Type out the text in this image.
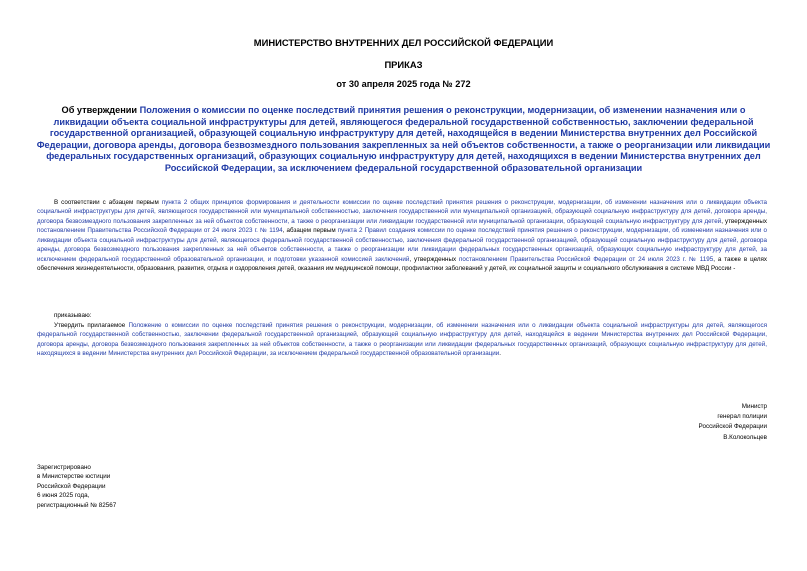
МИНИСТЕРСТВО ВНУТРЕННИХ ДЕЛ РОССИЙСКОЙ ФЕДЕРАЦИИ
ПРИКАЗ
от 30 апреля 2025 года № 272
Об утверждении Положения о комиссии по оценке последствий принятия решения о реконструкции, модернизации, об изменении назначения или о ликвидации объекта социальной инфраструктуры для детей, являющегося федеральной государственной собственностью, заключении федеральной государственной организацией, образующей социальную инфраструктуру для детей, находящейся в ведении Министерства внутренних дел Российской Федерации, договора аренды, договора безвозмездного пользования закрепленных за ней объектов собственности, а также о реорганизации или ликвидации федеральных государственных организаций, образующих социальную инфраструктуру для детей, находящихся в ведении Министерства внутренних дел Российской Федерации, за исключением федеральной государственной образовательной организации
В соответствии с абзацем первым пункта 2 общих принципов формирования и деятельности комиссии по оценке последствий принятия решения о реконструкции, модернизации, об изменении назначения или о ликвидации объекта социальной инфраструктуры для детей, являющегося государственной или муниципальной собственностью, заключения государственной или муниципальной организацией, образующей социальную инфраструктуру для детей, договора аренды, договора безвозмездного пользования закрепленных за ней объектов собственности, а также о реорганизации или ликвидации государственной или муниципальной организации, образующей социальную инфраструктуру для детей, утвержденных постановлением Правительства Российской Федерации от 24 июля 2023 г. № 1194, абзацем первым пункта 2 Правил создания комиссии по оценке последствий принятия решения о реконструкции, модернизации, об изменении назначения или о ликвидации объекта социальной инфраструктуры для детей, являющегося федеральной государственной собственностью, заключения федеральной государственной организацией, образующей социальную инфраструктуру для детей, договора аренды, договора безвозмездного пользования закрепленных за ней объектов собственности, а также о реорганизации или ликвидации федеральных государственных организаций, образующих социальную инфраструктуру для детей, за исключением федеральной государственной образовательной организации, и подготовки указанной комиссией заключений, утвержденных постановлением Правительства Российской Федерации от 24 июля 2023 г. № 1195, а также в целях обеспечения жизнедеятельности, образования, развития, отдыха и оздоровления детей, оказания им медицинской помощи, профилактики заболеваний у детей, их социальной защиты и социального обслуживания в системе МВД России -
приказываю:
Утвердить прилагаемое Положение о комиссии по оценке последствий принятия решения о реконструкции, модернизации, об изменении назначения или о ликвидации объекта социальной инфраструктуры для детей, являющегося федеральной государственной собственностью, заключении федеральной государственной организацией, образующей социальную инфраструктуру для детей, находящейся в ведении Министерства внутренних дел Российской Федерации, договора аренды, договора безвозмездного пользования закрепленных за ней объектов собственности, а также о реорганизации или ликвидации федеральных государственных организаций, образующих социальную инфраструктуру для детей, находящихся в ведении Министерства внутренних дел Российской Федерации, за исключением федеральной государственной образовательной организации.
Министр
генерал полиции
Российской Федерации
В.Колокольцев
Зарегистрировано
в Министерстве юстиции
Российской Федерации
6 июня 2025 года,
регистрационный № 82567
